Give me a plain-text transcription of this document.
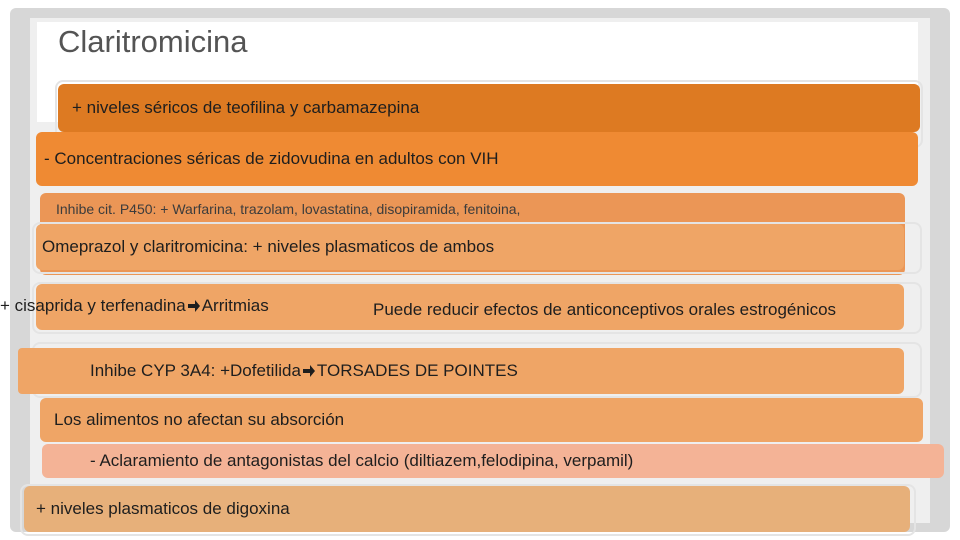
Claritromicina
+ niveles séricos de teofilina y carbamazepina
- Concentraciones séricas de zidovudina en adultos con VIH
Inhibe cit. P450: + Warfarina, trazolam, lovastatina, disopiramida, fenitoina,
Omeprazol y claritromicina: + niveles plasmaticos de ambos
+ cisaprida y terfenadina Arritmias	Puede reducir efectos de anticonceptivos orales estrogénicos
Inhibe CYP 3A4: +Dofetilida TORSADES DE POINTES
Los alimentos no afectan su absorción
- Aclaramiento de antagonistas del calcio (diltiazem,felodipina, verpamil)
+ niveles plasmaticos de digoxina
